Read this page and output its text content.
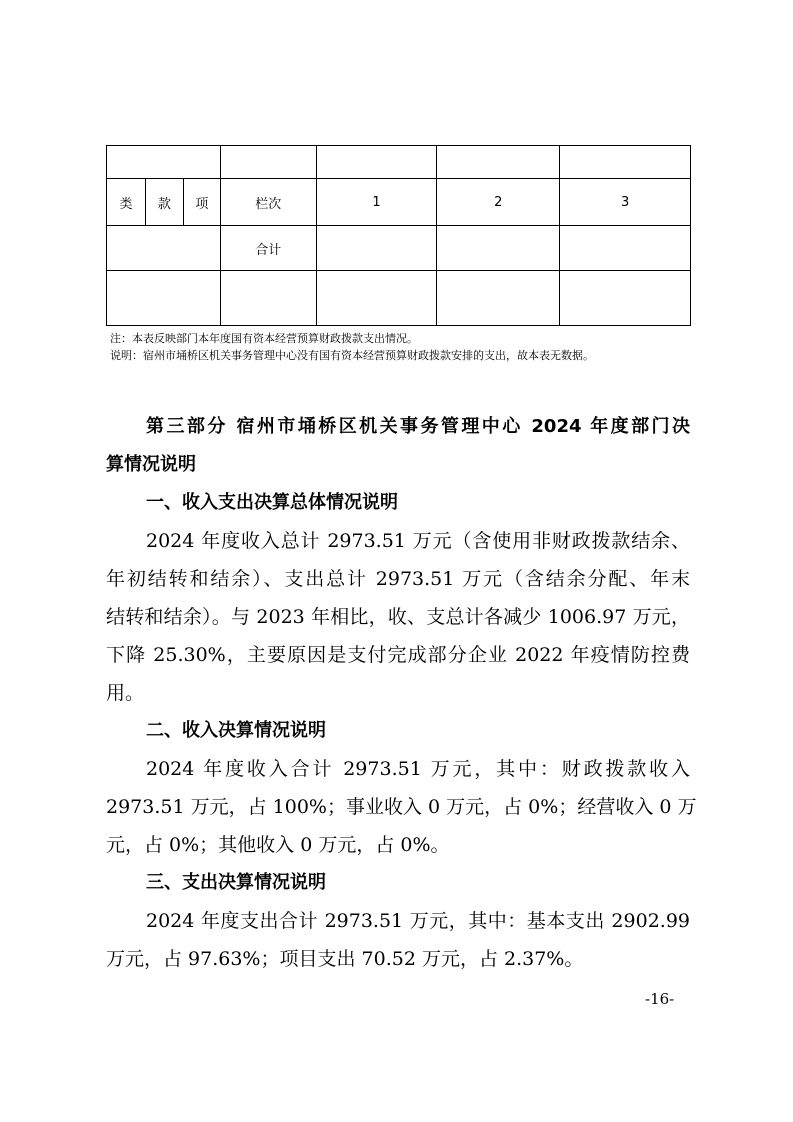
类	款	项	栏次	1	2	3
			合计			

注：本表反映部门本年度国有资本经营预算财政拨款支出情况。
说明：宿州市埇桥区机关事务管理中心没有国有资本经营预算财政拨款安排的支出，故本表无数据。
第三部分 宿州市埇桥区机关事务管理中心 2024 年度部门决
算情况说明
一、收入支出决算总体情况说明
2024 年度收入总计 2973.51 万元（含使用非财政拨款结余、
年初结转和结余）、支出总计 2973.51 万元（含结余分配、年末
结转和结余）。与 2023 年相比，收、支总计各减少 1006.97 万元，
下降 25.30%，主要原因是支付完成部分企业 2022 年疫情防控费
用。
二、收入决算情况说明
2024 年度收入合计 2973.51 万元，其中：财政拨款收入
2973.51 万元，占 100%；事业收入 0 万元，占 0%；经营收入 0 万
元，占 0%；其他收入 0 万元，占 0%。
三、支出决算情况说明
2024 年度支出合计 2973.51 万元，其中：基本支出 2902.99
万元，占 97.63%；项目支出 70.52 万元，占 2.37%。
-16-
